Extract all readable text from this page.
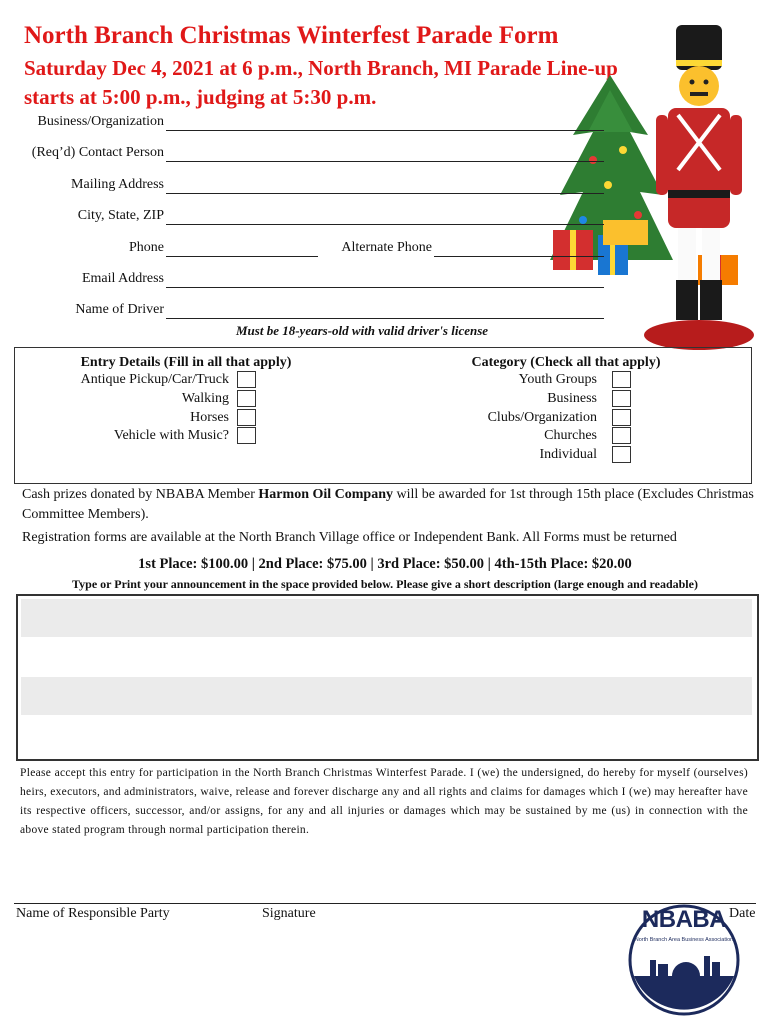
North Branch Christmas Winterfest Parade Form
Saturday Dec 4, 2021 at 6 p.m., North Branch, MI Parade Line-up
starts at 5:00 p.m., judging at 5:30 p.m.
Business/Organization
(Req’d) Contact Person
Mailing Address
City, State, ZIP
Phone	Alternate Phone
Email Address
Name of Driver
Must be 18-years-old with valid driver's license
Entry Details (Fill in all that apply)
Antique Pickup/Car/Truck
Walking
Horses
Vehicle with Music?
Category (Check all that apply)
Youth Groups
Business
Clubs/Organization
Churches
Individual
Cash prizes donated by NBABA Member Harmon Oil Company will be awarded for 1st through 15th place (Excludes Christmas Committee Members).
Registration forms are available at the North Branch Village office or Independent Bank. All Forms must be returned
1st Place: $100.00 | 2nd Place: $75.00 | 3rd Place: $50.00 | 4th-15th Place: $20.00
Type or Print your announcement in the space provided below. Please give a short description (large enough and readable)
Please accept this entry for participation in the North Branch Christmas Winterfest Parade. I (we) the undersigned, do hereby for myself (ourselves) heirs, executors, and administrators, waive, release and forever discharge any and all rights and claims for damages which I (we) may hereafter have its respective officers, successor, and/or assigns, for any and all injuries or damages which may be sustained by me (us) in connection with the above stated program through normal participation therein.
Name of Responsible Party	Signature	Date
NBABA
North Branch Area Business Association
